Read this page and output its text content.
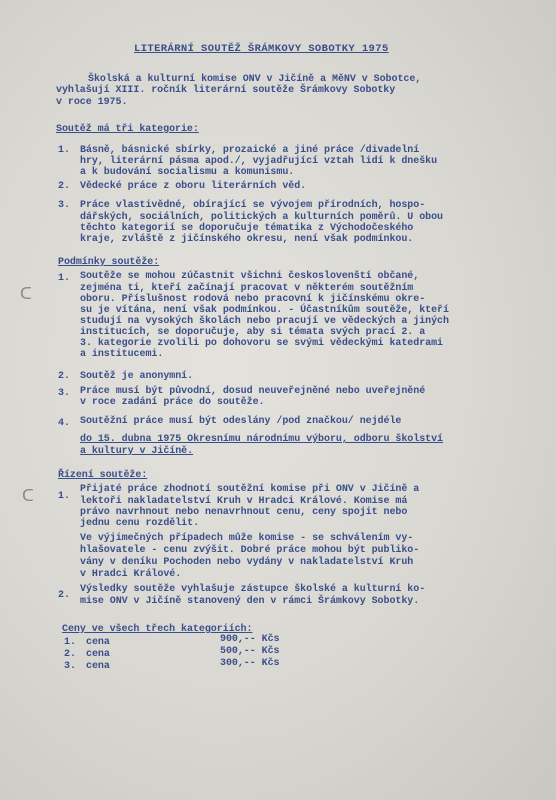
LITERÁRNÍ SOUTĚŽ ŠRÁMKOVY SOBOTKY 1975
Školská a kulturní komise ONV v Jičíně a MěNV v Sobotce,
vyhlašují XIII. ročník literární soutěže Šrámkovy Sobotky
v roce 1975.
Soutěž má tři kategorie:
1. Básně, básnické sbírky, prozaické a jiné práce /divadelní
hry, literární pásma apod./, vyjadřující vztah lidí k dnešku
a k budování socialismu a komunismu.
2. Vědecké práce z oboru literárních věd.
3. Práce vlastivědné, obírající se vývojem přírodních, hospo-
dářských, sociálních, politických a kulturních poměrů. U obou
těchto kategorií se doporučuje tématika z Východočeského
kraje, zvláště z jičínského okresu, není však podmínkou.
Podmínky soutěže:
1. Soutěže se mohou zúčastnit všichni českoslovenští občané,
zejména ti, kteří začínají pracovat v některém soutěžním
oboru. Příslušnost rodová nebo pracovní k jičínskému okre-
su je vítána, není však podmínkou. - Účastníkům soutěže, kteří
studují na vysokých školách nebo pracují ve vědeckých a jiných
institucích, se doporučuje, aby si témata svých prací 2. a
3. kategorie zvolili po dohovoru se svými vědeckými katedrami
a institucemi.
2. Soutěž je anonymní.
3. Práce musí být původní, dosud neuveřejněné nebo uveřejněné
v roce zadání práce do soutěže.
4. Soutěžní práce musí být odeslány /pod značkou/ nejdéle
do 15. dubna 1975 Okresnímu národnímu výboru, odboru školství
a kultury v Jičíně.
Řízení soutěže:
1.
Přijaté práce zhodnotí soutěžní komise při ONV v Jičíně a
lektoři nakladatelství Kruh v Hradci Králové. Komise má
právo navrhnout nebo nenavrhnout cenu, ceny spojit nebo
jednu cenu rozdělit.
Ve výjimečných případech může komise - se schválením vy-
hlašovatele - cenu zvýšit. Dobré práce mohou být publiko-
vány v deníku Pochoden nebo vydány v nakladatelství Kruh
v Hradci Králové.
2.
Výsledky soutěže vyhlašuje zástupce školské a kulturní ko-
mise ONV v Jičíně stanovený den v rámci Šrámkovy Sobotky.
Ceny ve všech třech kategoriích:
1. cena	900,-- Kčs
2. cena	500,-- Kčs
3. cena	300,-- Kčs
ᑕ
ᑕ
